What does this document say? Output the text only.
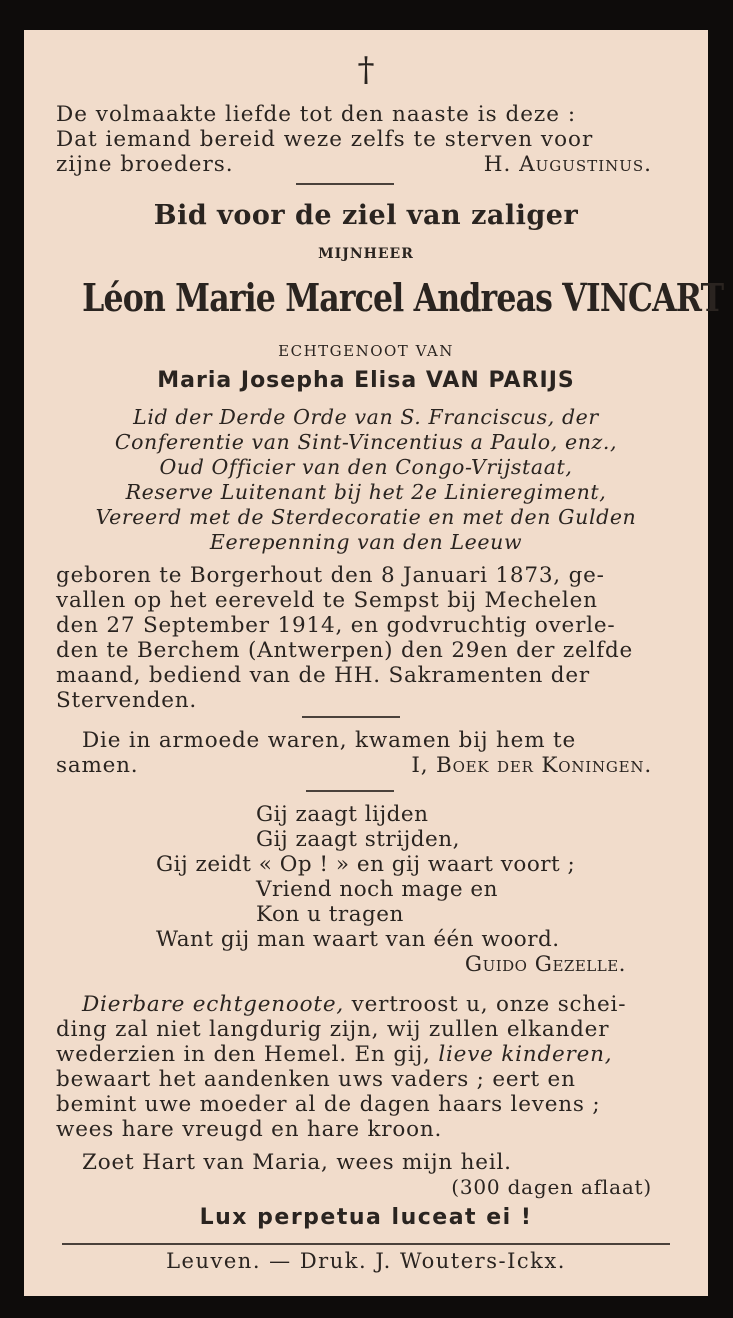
†
De volmaakte liefde tot den naaste is deze :
Dat iemand bereid weze zelfs te sterven voor
zijne broeders.	H. Augustinus.
Bid voor de ziel van zaliger
MIJNHEER
Léon Marie Marcel Andreas VINCART
ECHTGENOOT VAN
Maria Josepha Elisa VAN PARIJS
Lid der Derde Orde van S. Franciscus, der
Conferentie van Sint-Vincentius a Paulo, enz.,
Oud Officier van den Congo-Vrijstaat,
Reserve Luitenant bij het 2e Linieregiment,
Vereerd met de Sterdecoratie en met den Gulden
Eerepenning van den Leeuw
geboren te Borgerhout den 8 Januari 1873, ge-
vallen op het eereveld te Sempst bij Mechelen
den 27 September 1914, en godvruchtig overle-
den te Berchem (Antwerpen) den 29en der zelfde
maand, bediend van de HH. Sakramenten der
Stervenden.
Die in armoede waren, kwamen bij hem te
samen.	I, Boek der Koningen.
Gij zaagt lijden
Gij zaagt strijden,
Gij zeidt « Op ! » en gij waart voort ;
Vriend noch mage en
Kon u tragen
Want gij man waart van één woord.
Guido Gezelle.
Dierbare echtgenoote, vertroost u, onze schei-
ding zal niet langdurig zijn, wij zullen elkander
wederzien in den Hemel. En gij, lieve kinderen,
bewaart het aandenken uws vaders ; eert en
bemint uwe moeder al de dagen haars levens ;
wees hare vreugd en hare kroon.
Zoet Hart van Maria, wees mijn heil.
(300 dagen aflaat)
Lux perpetua luceat ei !
Leuven. — Druk. J. Wouters-Ickx.
